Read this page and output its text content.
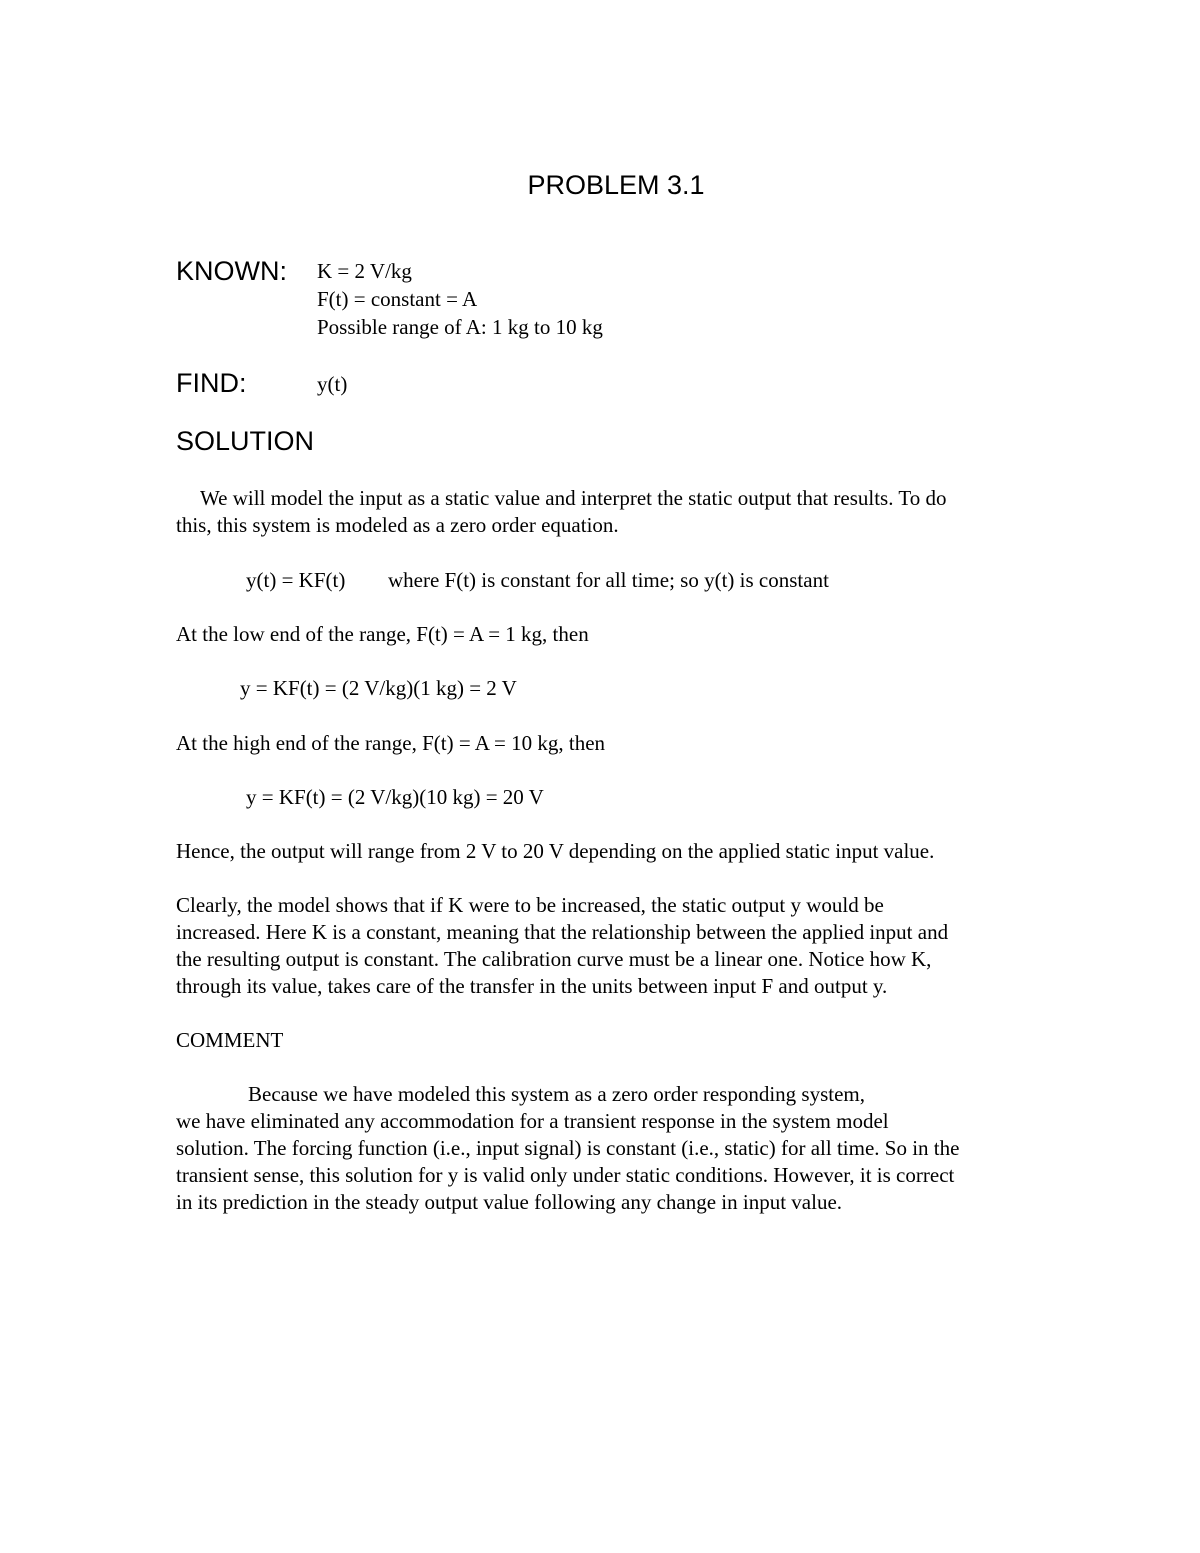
PROBLEM 3.1
KNOWN: K = 2 V/kg
F(t) = constant = A
Possible range of A: 1 kg to 10 kg
FIND:	y(t)
SOLUTION
We will model the input as a static value and interpret the static output that results. To do
this, this system is modeled as a zero order equation.
y(t) = KF(t) where F(t) is constant for all time; so y(t) is constant
At the low end of the range, F(t) = A = 1 kg, then
y = KF(t) = (2 V/kg)(1 kg) = 2 V
At the high end of the range, F(t) = A = 10 kg, then
y = KF(t) = (2 V/kg)(10 kg) = 20 V
Hence, the output will range from 2 V to 20 V depending on the applied static input value.
Clearly, the model shows that if K were to be increased, the static output y would be
increased. Here K is a constant, meaning that the relationship between the applied input and
the resulting output is constant. The calibration curve must be a linear one. Notice how K,
through its value, takes care of the transfer in the units between input F and output y.
COMMENT
Because we have modeled this system as a zero order responding system,
we have eliminated any accommodation for a transient response in the system model
solution. The forcing function (i.e., input signal) is constant (i.e., static) for all time. So in the
transient sense, this solution for y is valid only under static conditions. However, it is correct
in its prediction in the steady output value following any change in input value.
